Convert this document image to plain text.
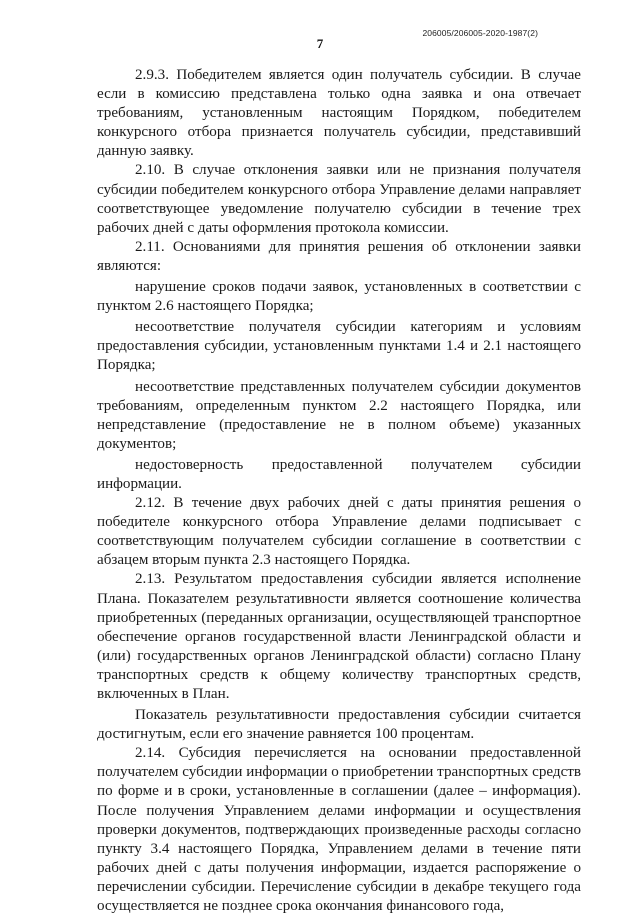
206005/206005-2020-1987(2)
7

2.9.3. Победителем является один получатель субсидии. В случае если в комиссию представлена только одна заявка и она отвечает требованиям, установленным настоящим Порядком, победителем конкурсного отбора признается получатель субсидии, представивший данную заявку.

2.10. В случае отклонения заявки или не признания получателя субсидии победителем конкурсного отбора Управление делами направляет соответствующее уведомление получателю субсидии в течение трех рабочих дней с даты оформления протокола комиссии.

2.11. Основаниями для принятия решения об отклонении заявки являются:

нарушение сроков подачи заявок, установленных в соответствии с пунктом 2.6 настоящего Порядка;

несоответствие получателя субсидии категориям и условиям предоставления субсидии, установленным пунктами 1.4 и 2.1 настоящего Порядка;

несоответствие представленных получателем субсидии документов требованиям, определенным пунктом 2.2 настоящего Порядка, или непредставление (предоставление не в полном объеме) указанных документов;

недостоверность предоставленной получателем субсидии информации.

2.12. В течение двух рабочих дней с даты принятия решения о победителе конкурсного отбора Управление делами подписывает с соответствующим получателем субсидии соглашение в соответствии с абзацем вторым пункта 2.3 настоящего Порядка.

2.13. Результатом предоставления субсидии является исполнение Плана. Показателем результативности является соотношение количества приобретенных (переданных организации, осуществляющей транспортное обеспечение органов государственной власти Ленинградской области и (или) государственных органов Ленинградской области) согласно Плану транспортных средств к общему количеству транспортных средств, включенных в План.

Показатель результативности предоставления субсидии считается достигнутым, если его значение равняется 100 процентам.

2.14. Субсидия перечисляется на основании предоставленной получателем субсидии информации о приобретении транспортных средств по форме и в сроки, установленные в соглашении (далее – информация). После получения Управлением делами информации и осуществления проверки документов, подтверждающих произведенные расходы согласно пункту 3.4 настоящего Порядка, Управлением делами в течение пяти рабочих дней с даты получения информации, издается распоряжение о перечислении субсидии. Перечисление субсидии в декабре текущего года осуществляется не позднее срока окончания финансового года,
